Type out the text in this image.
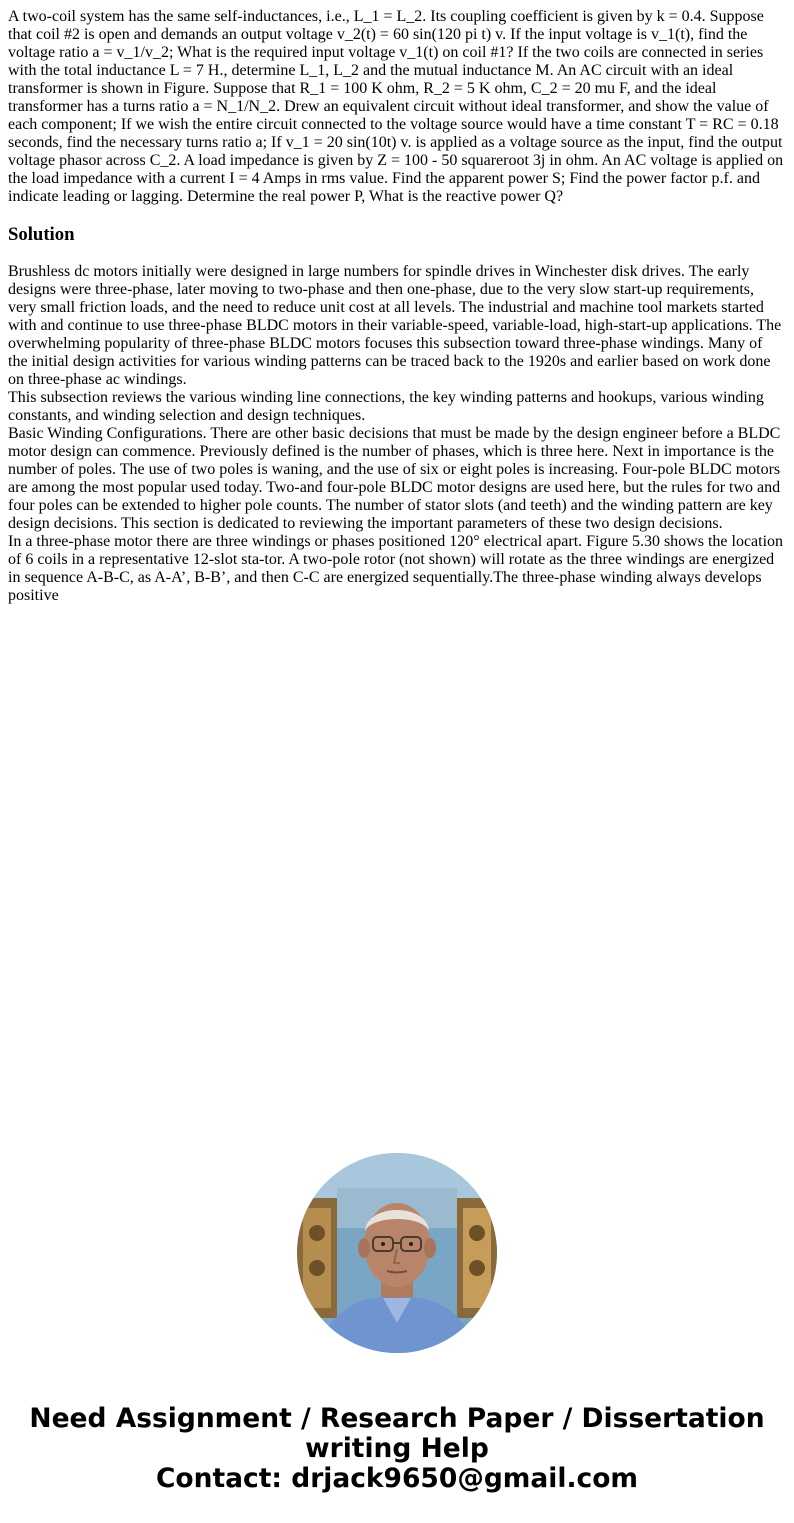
A two-coil system has the same self-inductances, i.e., L_1 = L_2. Its coupling coefficient is given by k = 0.4. Suppose that coil #2 is open and demands an output voltage v_2(t) = 60 sin(120 pi t) v. If the input voltage is v_1(t), find the voltage ratio a = v_1/v_2; What is the required input voltage v_1(t) on coil #1? If the two coils are connected in series with the total inductance L = 7 H., determine L_1, L_2 and the mutual inductance M. An AC circuit with an ideal transformer is shown in Figure. Suppose that R_1 = 100 K ohm, R_2 = 5 K ohm, C_2 = 20 mu F, and the ideal transformer has a turns ratio a = N_1/N_2. Drew an equivalent circuit without ideal transformer, and show the value of each component; If we wish the entire circuit connected to the voltage source would have a time constant T = RC = 0.18 seconds, find the necessary turns ratio a; If v_1 = 20 sin(10t) v. is applied as a voltage source as the input, find the output voltage phasor across C_2. A load impedance is given by Z = 100 - 50 squareroot 3j in ohm. An AC voltage is applied on the load impedance with a current I = 4 Amps in rms value. Find the apparent power S; Find the power factor p.f. and indicate leading or lagging. Determine the real power P, What is the reactive power Q?

Solution

Brushless dc motors initially were designed in large numbers for spindle drives in Winchester disk drives. The early designs were three-phase, later moving to two-phase and then one-phase, due to the very slow start-up requirements, very small friction loads, and the need to reduce unit cost at all levels. The industrial and machine tool markets started with and continue to use three-phase BLDC motors in their variable-speed, variable-load, high-start-up applications. The overwhelming popularity of three-phase BLDC motors focuses this subsection toward three-phase windings. Many of the initial design activities for various winding patterns can be traced back to the 1920s and earlier based on work done on three-phase ac windings.

This subsection reviews the various winding line connections, the key winding patterns and hookups, various winding constants, and winding selection and design techniques.

Basic Winding Configurations. There are other basic decisions that must be made by the design engineer before a BLDC motor design can commence. Previously defined is the number of phases, which is three here. Next in importance is the number of poles. The use of two poles is waning, and the use of six or eight poles is increasing. Four-pole BLDC motors are among the most popular used today. Two-and four-pole BLDC motor designs are used here, but the rules for two and four poles can be extended to higher pole counts. The number of stator slots (and teeth) and the winding pattern are key design decisions. This section is dedicated to reviewing the important parameters of these two design decisions.

In a three-phase motor there are three windings or phases positioned 120° electrical apart. Figure 5.30 shows the location of 6 coils in a representative 12-slot sta-tor. A two-pole rotor (not shown) will rotate as the three windings are energized in sequence A-B-C, as A-A’, B-B’, and then C-C are energized sequentially.The three-phase winding always develops positive

Need Assignment / Research Paper / Dissertation
writing Help
Contact: drjack9650@gmail.com
